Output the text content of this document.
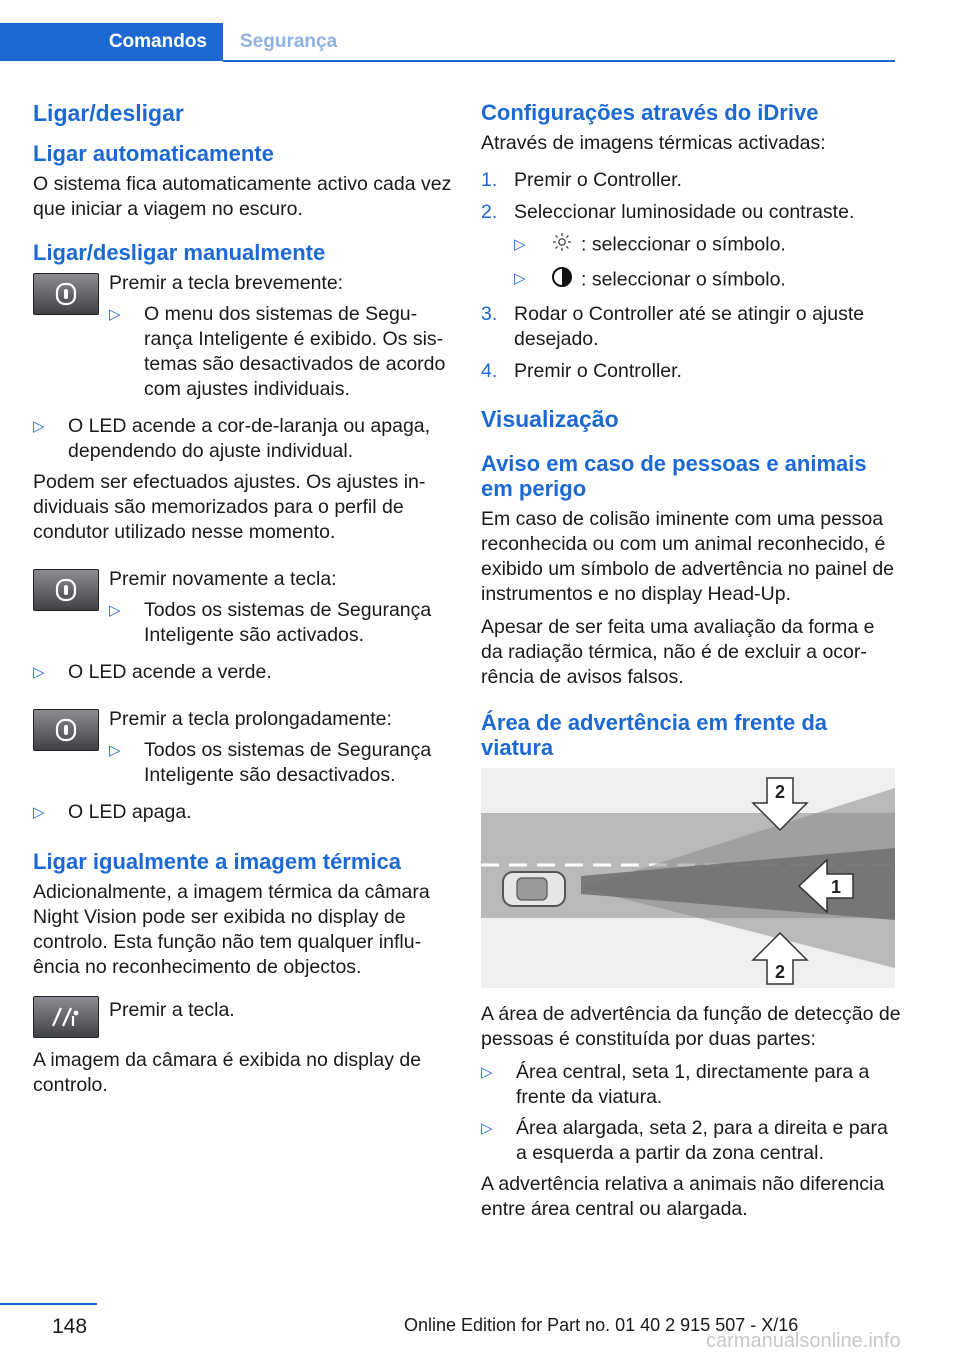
Comandos	Segurança
Ligar/desligar
Ligar automaticamente

O sistema fica automaticamente activo cada vez que iniciar a viagem no escuro.

Ligar/desligar manualmente

Premir a tecla brevemente:

▷ O menu dos sistemas de Segurança Inteligente é exibido. Os sistemas são desactivados de acordo com ajustes individuais.
▷ O LED acende a cor-de-laranja ou apaga, dependendo do ajuste individual.

Podem ser efectuados ajustes. Os ajustes individuais são memorizados para o perfil de condutor utilizado nesse momento.

Premir novamente a tecla:

▷ Todos os sistemas de Segurança Inteligente são activados.
▷ O LED acende a verde.

Premir a tecla prolongadamente:

▷ Todos os sistemas de Segurança Inteligente são desactivados.
▷ O LED apaga.
Ligar igualmente a imagem térmica

Adicionalmente, a imagem térmica da câmara Night Vision pode ser exibida no display de controlo. Esta função não tem qualquer influência no reconhecimento de objectos.

Premir a tecla.

A imagem da câmara é exibida no display de controlo.

Configurações através do iDrive

Através de imagens térmicas activadas:

1. Premir o Controller.
2. Seleccionar luminosidade ou contraste.
▷	: seleccionar o símbolo.
▷	: seleccionar o símbolo.
3. Rodar o Controller até se atingir o ajuste desejado.
4. Premir o Controller.
Visualização
Aviso em caso de pessoas e animais em perigo

Em caso de colisão iminente com uma pessoa reconhecida ou com um animal reconhecido, é exibido um símbolo de advertência no painel de instrumentos e no display Head-Up.

Apesar de ser feita uma avaliação da forma e da radiação térmica, não é de excluir a ocorrência de avisos falsos.

Área de advertência em frente da viatura
1
2
2

A área de advertência da função de detecção de pessoas é constituída por duas partes:

▷ Área central, seta 1, directamente para a frente da viatura.
▷ Área alargada, seta 2, para a direita e para a esquerda a partir da zona central.

A advertência relativa a animais não diferencia entre área central ou alargada.

148	Online Edition for Part no. 01 40 2 915 507 - X/16
carmanualsonline.info
